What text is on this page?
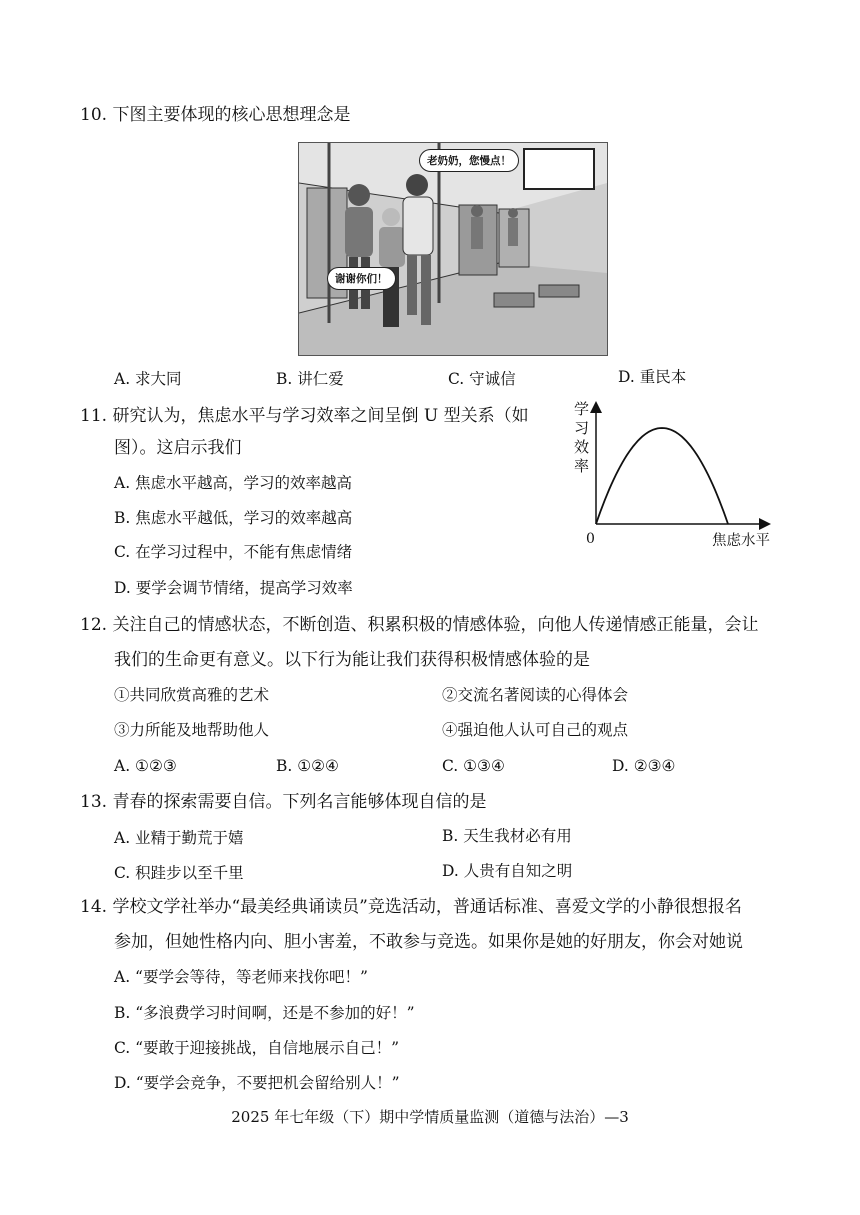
10. 下图主要体现的核心思想理念是
老奶奶，您慢点！
谢谢你们！
A. 求大同	B. 讲仁爱	C. 守诚信	D. 重民本
11. 研究认为，焦虑水平与学习效率之间呈倒 U 型关系（如
图）。这启示我们
A. 焦虑水平越高，学习的效率越高
B. 焦虑水平越低，学习的效率越高
C. 在学习过程中，不能有焦虑情绪
D. 要学会调节情绪，提高学习效率
学习效率
0	焦虑水平
12. 关注自己的情感状态，不断创造、积累积极的情感体验，向他人传递情感正能量，会让
我们的生命更有意义。以下行为能让我们获得积极情感体验的是
①共同欣赏高雅的艺术	②交流名著阅读的心得体会
③力所能及地帮助他人	④强迫他人认可自己的观点
A. ①②③	B. ①②④	C. ①③④	D. ②③④
13. 青春的探索需要自信。下列名言能够体现自信的是
A. 业精于勤荒于嬉	B. 天生我材必有用
C. 积跬步以至千里	D. 人贵有自知之明
14. 学校文学社举办“最美经典诵读员”竞选活动，普通话标准、喜爱文学的小静很想报名
参加，但她性格内向、胆小害羞，不敢参与竞选。如果你是她的好朋友，你会对她说
A. “要学会等待，等老师来找你吧！”
B. “多浪费学习时间啊，还是不参加的好！”
C. “要敢于迎接挑战，自信地展示自己！”
D. “要学会竞争，不要把机会留给别人！”
2025 年七年级（下）期中学情质量监测（道德与法治）—3
